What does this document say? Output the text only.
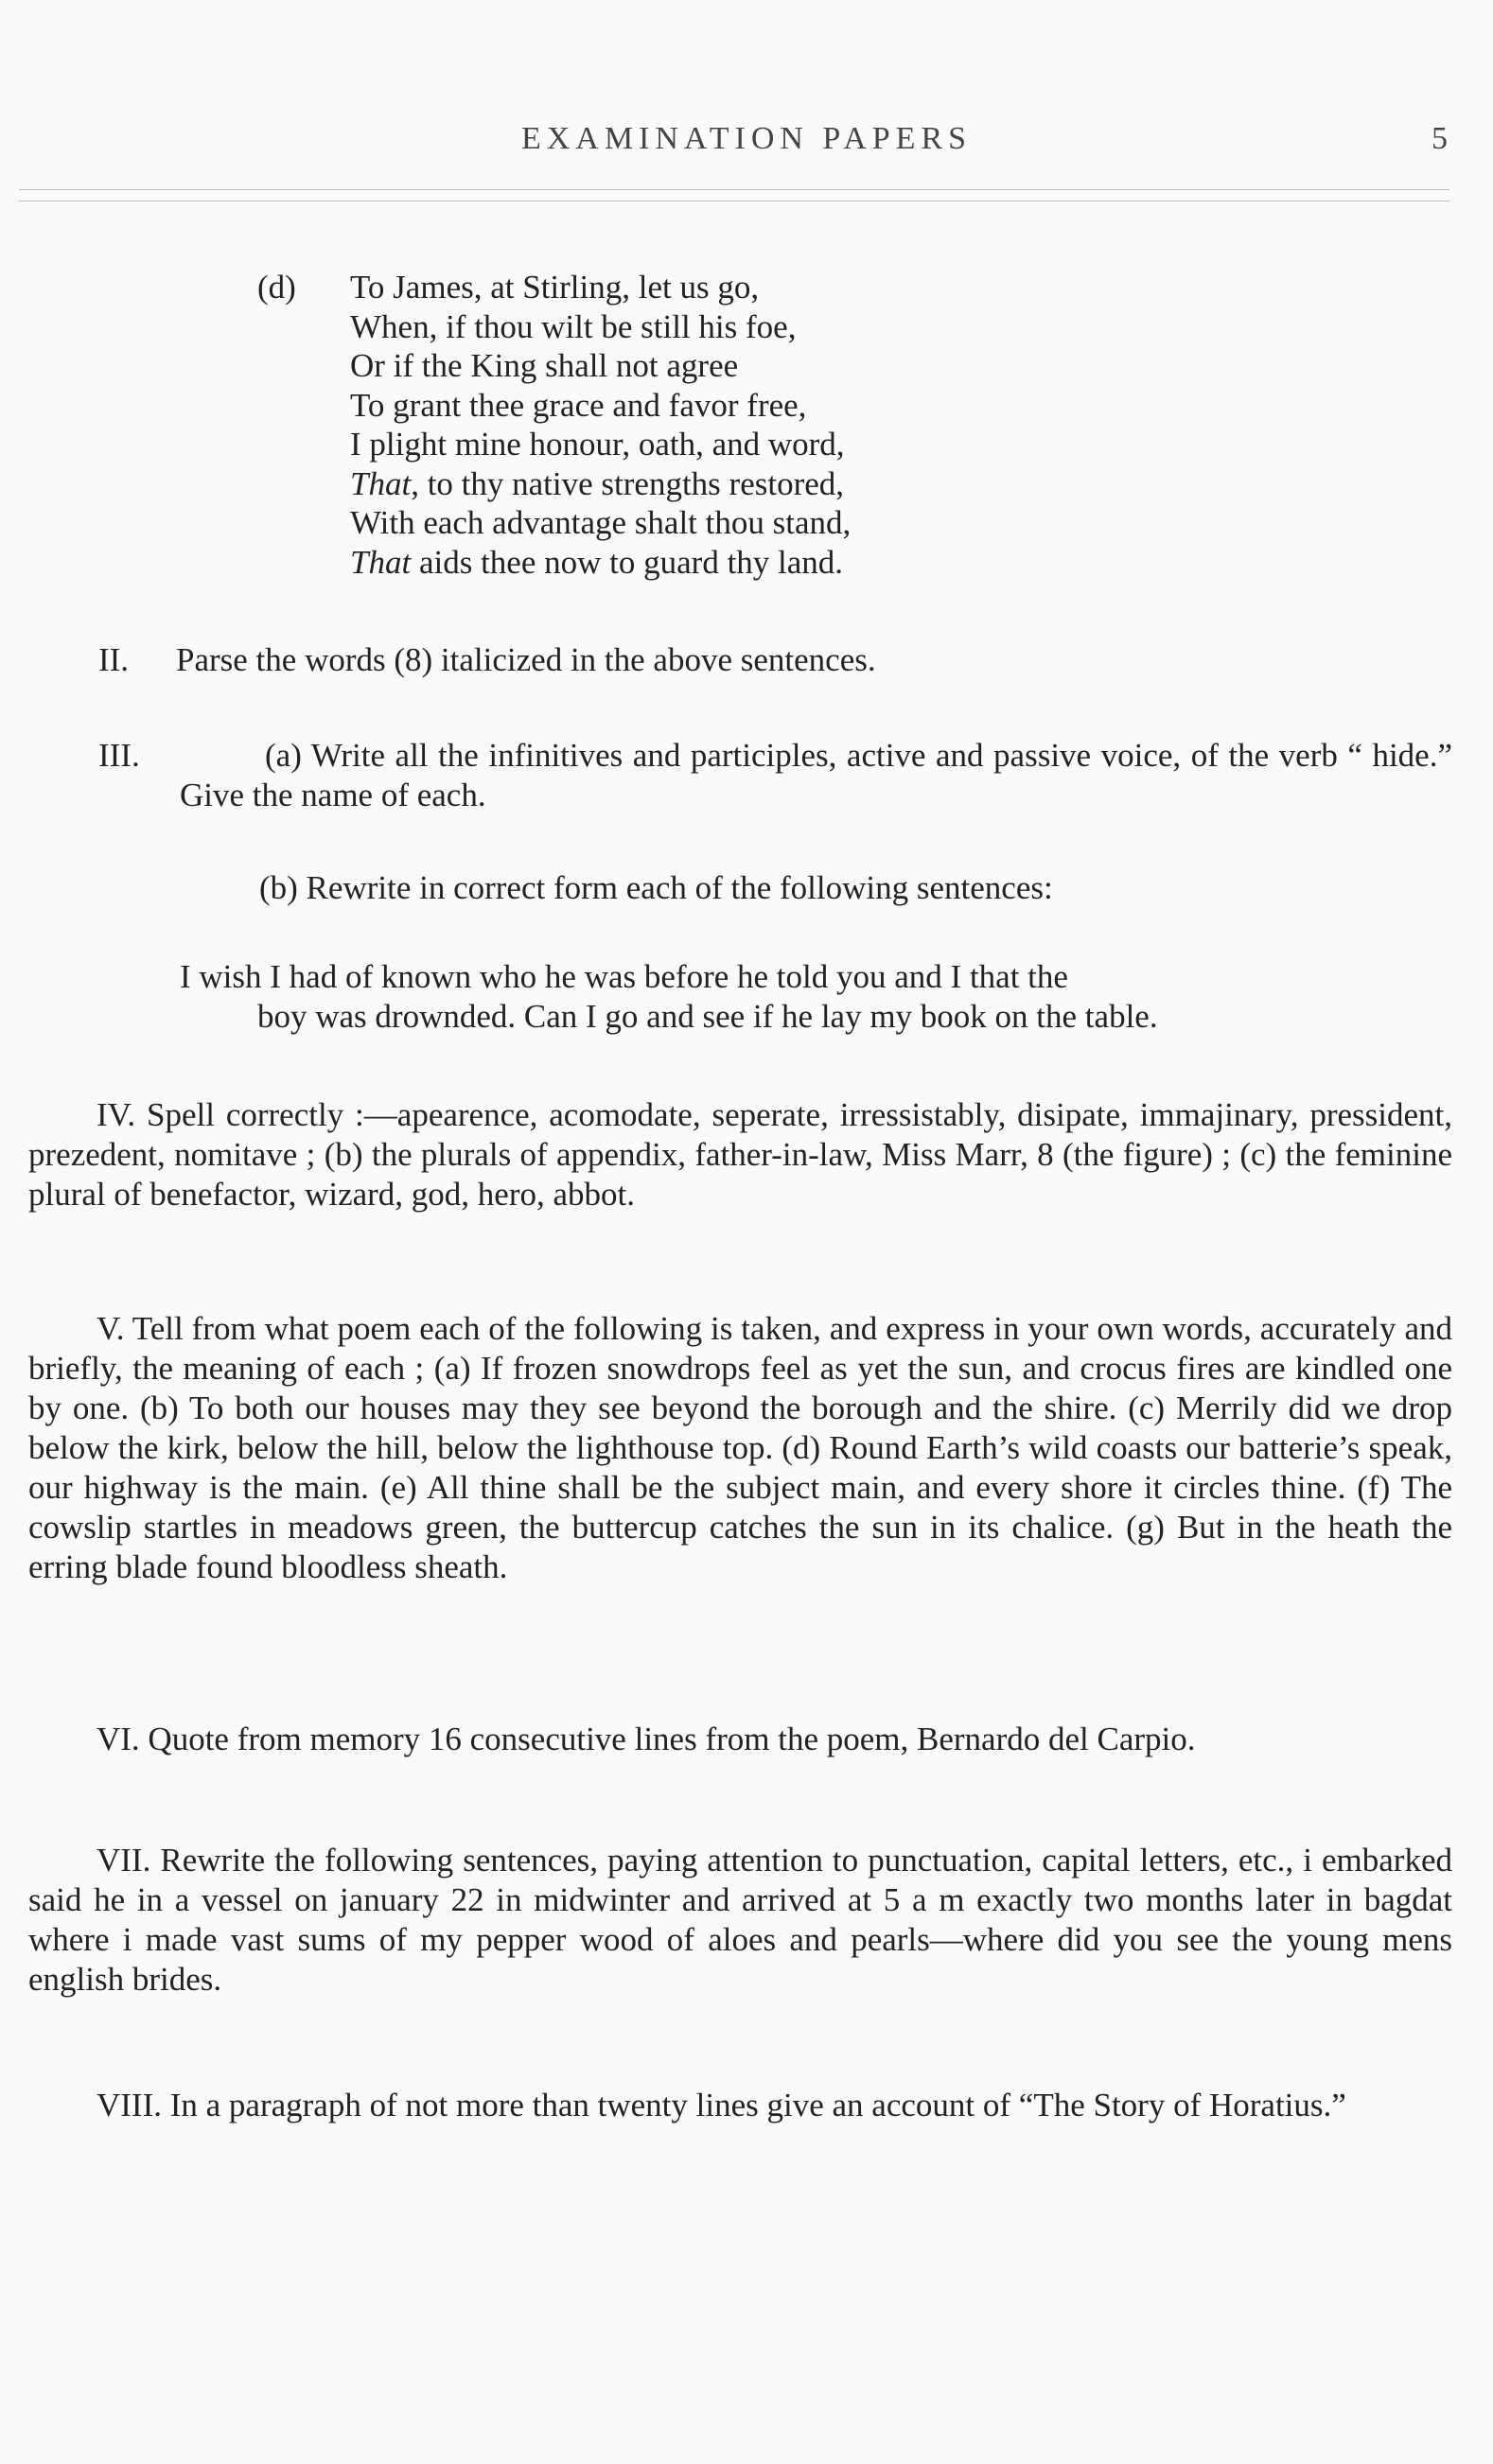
EXAMINATION PAPERS	5
(d) To James, at Stirling, let us go,
When, if thou wilt be still his foe,
Or if the King shall not agree
To grant thee grace and favor free,
I plight mine honour, oath, and word,
That, to thy native strengths restored,
With each advantage shalt thou stand,
That aids thee now to guard thy land.
II. Parse the words (8) italicized in the above sentences.
III.	(a) Write all the infinitives and participles, active and passive voice, of the verb “ hide.” Give the name of each.
(b) Rewrite in correct form each of the following sentences:
I wish I had of known who he was before he told you and I that the
boy was drownded. Can I go and see if he lay my book on the table.
IV. Spell correctly :—apearence, acomodate, seperate, irressistably, disipate, immajinary, pressident, prezedent, nomitave ; (b) the plurals of appendix, father-in-law, Miss Marr, 8 (the figure) ; (c) the feminine plural of benefactor, wizard, god, hero, abbot.
V. Tell from what poem each of the following is taken, and express in your own words, accurately and briefly, the meaning of each ; (a) If frozen snowdrops feel as yet the sun, and crocus fires are kindled one by one. (b) To both our houses may they see beyond the borough and the shire. (c) Merrily did we drop below the kirk, below the hill, below the lighthouse top. (d) Round Earth’s wild coasts our batterie’s speak, our highway is the main. (e) All thine shall be the subject main, and every shore it circles thine. (f) The cowslip startles in meadows green, the buttercup catches the sun in its chalice. (g) But in the heath the erring blade found bloodless sheath.
VI. Quote from memory 16 consecutive lines from the poem, Bernardo del Carpio.
VII. Rewrite the following sentences, paying attention to punctuation, capital letters, etc., i embarked said he in a vessel on january 22 in midwinter and arrived at 5 a m exactly two months later in bagdat where i made vast sums of my pepper wood of aloes and pearls—where did you see the young mens english brides.
VIII. In a paragraph of not more than twenty lines give an account of “The Story of Horatius.”
